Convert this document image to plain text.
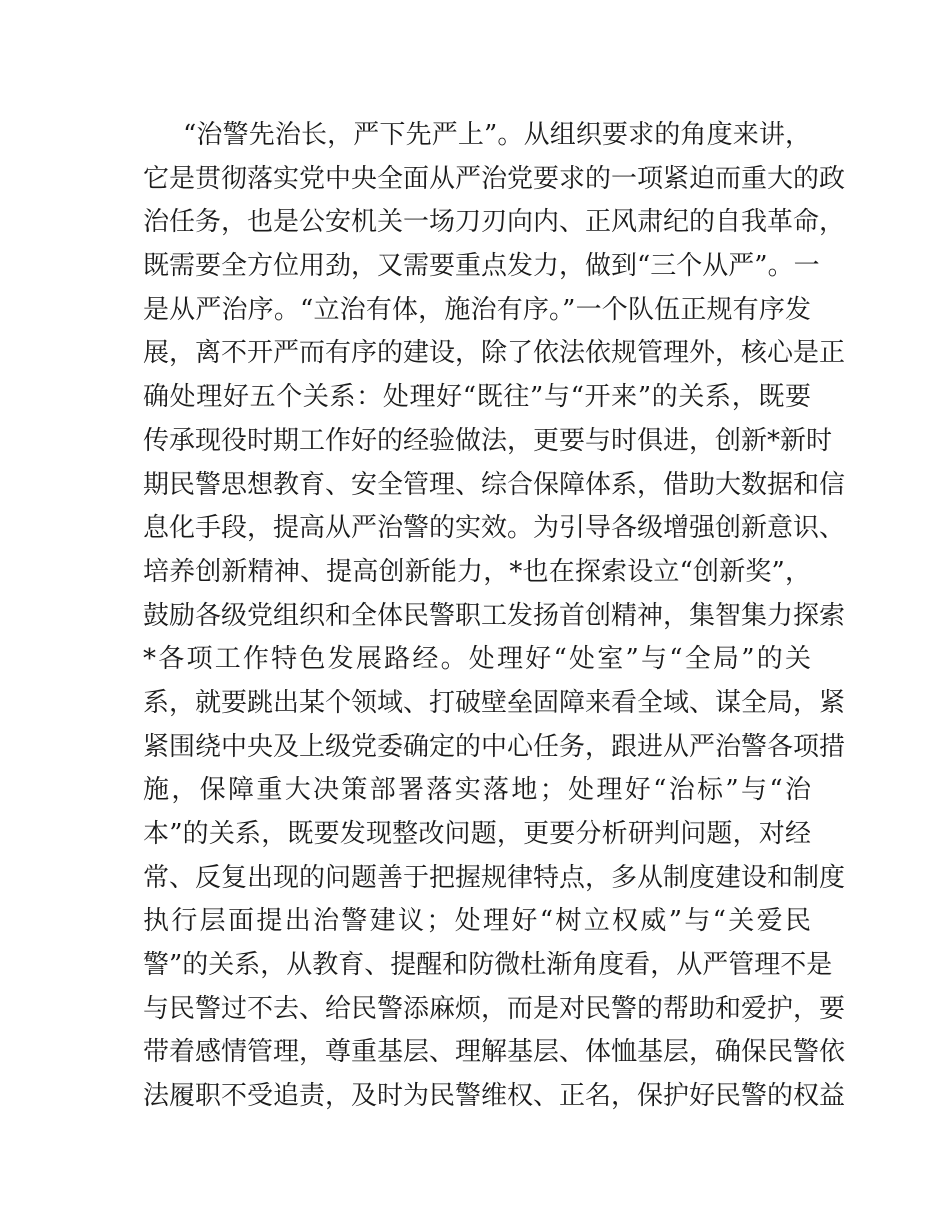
“治警先治长，严下先严上”。从组织要求的角度来讲，
它是贯彻落实党中央全面从严治党要求的一项紧迫而重大的政
治任务，也是公安机关一场刀刃向内、正风肃纪的自我革命，
既需要全方位用劲，又需要重点发力，做到“三个从严”。一
是从严治序。“立治有体，施治有序。”一个队伍正规有序发
展，离不开严而有序的建设，除了依法依规管理外，核心是正
确处理好五个关系：处理好“既往”与“开来”的关系，既要
传承现役时期工作好的经验做法，更要与时俱进，创新*新时
期民警思想教育、安全管理、综合保障体系，借助大数据和信
息化手段，提高从严治警的实效。为引导各级增强创新意识、
培养创新精神、提高创新能力，*也在探索设立“创新奖”，
鼓励各级党组织和全体民警职工发扬首创精神，集智集力探索
*各项工作特色发展路经。处理好“处室”与“全局”的关
系，就要跳出某个领域、打破壁垒固障来看全域、谋全局，紧
紧围绕中央及上级党委确定的中心任务，跟进从严治警各项措
施，保障重大决策部署落实落地；处理好“治标”与“治
本”的关系，既要发现整改问题，更要分析研判问题，对经
常、反复出现的问题善于把握规律特点，多从制度建设和制度
执行层面提出治警建议；处理好“树立权威”与“关爱民
警”的关系，从教育、提醒和防微杜渐角度看，从严管理不是
与民警过不去、给民警添麻烦，而是对民警的帮助和爱护，要
带着感情管理，尊重基层、理解基层、体恤基层，确保民警依
法履职不受追责，及时为民警维权、正名，保护好民警的权益
